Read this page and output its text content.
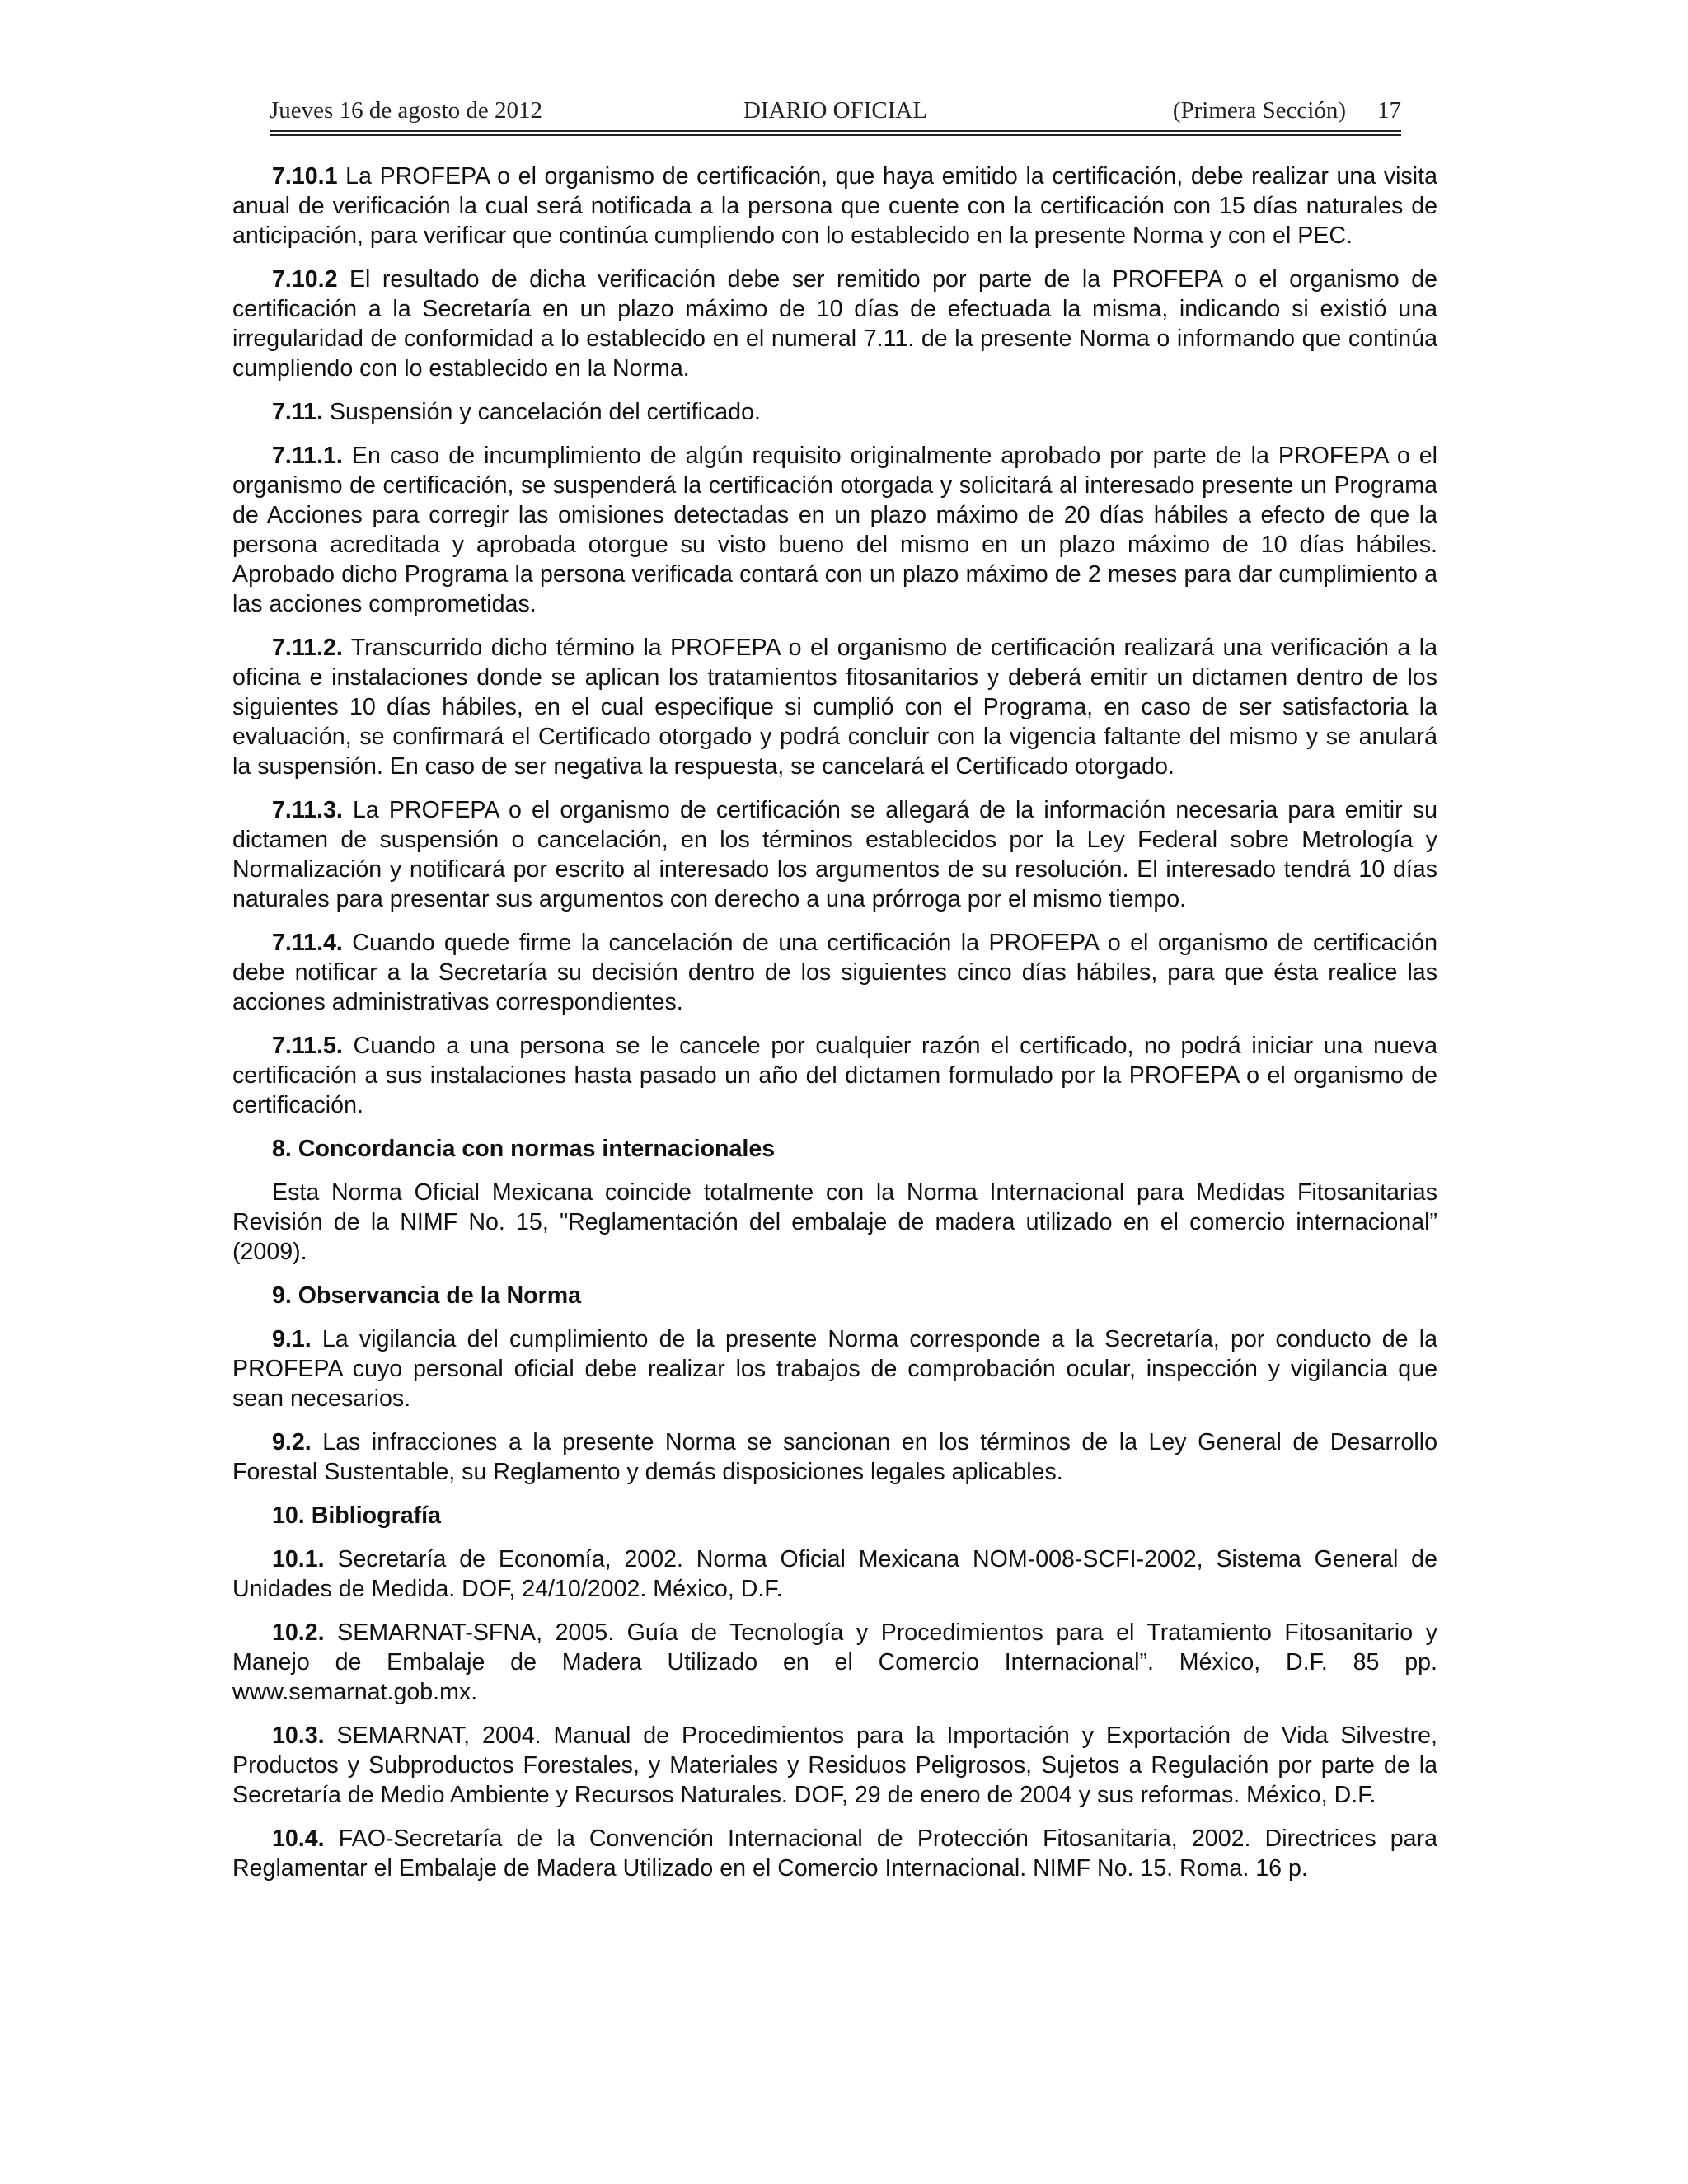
Jueves 16 de agosto de 2012	DIARIO OFICIAL	(Primera Sección) 17

7.10.1 La PROFEPA o el organismo de certificación, que haya emitido la certificación, debe realizar una visita anual de verificación la cual será notificada a la persona que cuente con la certificación con 15 días naturales de anticipación, para verificar que continúa cumpliendo con lo establecido en la presente Norma y con el PEC.

7.10.2 El resultado de dicha verificación debe ser remitido por parte de la PROFEPA o el organismo de certificación a la Secretaría en un plazo máximo de 10 días de efectuada la misma, indicando si existió una irregularidad de conformidad a lo establecido en el numeral 7.11. de la presente Norma o informando que continúa cumpliendo con lo establecido en la Norma.

7.11. Suspensión y cancelación del certificado.

7.11.1. En caso de incumplimiento de algún requisito originalmente aprobado por parte de la PROFEPA o el organismo de certificación, se suspenderá la certificación otorgada y solicitará al interesado presente un Programa de Acciones para corregir las omisiones detectadas en un plazo máximo de 20 días hábiles a efecto de que la persona acreditada y aprobada otorgue su visto bueno del mismo en un plazo máximo de 10 días hábiles. Aprobado dicho Programa la persona verificada contará con un plazo máximo de 2 meses para dar cumplimiento a las acciones comprometidas.

7.11.2. Transcurrido dicho término la PROFEPA o el organismo de certificación realizará una verificación a la oficina e instalaciones donde se aplican los tratamientos fitosanitarios y deberá emitir un dictamen dentro de los siguientes 10 días hábiles, en el cual especifique si cumplió con el Programa, en caso de ser satisfactoria la evaluación, se confirmará el Certificado otorgado y podrá concluir con la vigencia faltante del mismo y se anulará la suspensión. En caso de ser negativa la respuesta, se cancelará el Certificado otorgado.

7.11.3. La PROFEPA o el organismo de certificación se allegará de la información necesaria para emitir su dictamen de suspensión o cancelación, en los términos establecidos por la Ley Federal sobre Metrología y Normalización y notificará por escrito al interesado los argumentos de su resolución. El interesado tendrá 10 días naturales para presentar sus argumentos con derecho a una prórroga por el mismo tiempo.

7.11.4. Cuando quede firme la cancelación de una certificación la PROFEPA o el organismo de certificación debe notificar a la Secretaría su decisión dentro de los siguientes cinco días hábiles, para que ésta realice las acciones administrativas correspondientes.

7.11.5. Cuando a una persona se le cancele por cualquier razón el certificado, no podrá iniciar una nueva certificación a sus instalaciones hasta pasado un año del dictamen formulado por la PROFEPA o el organismo de certificación.

8. Concordancia con normas internacionales

Esta Norma Oficial Mexicana coincide totalmente con la Norma Internacional para Medidas Fitosanitarias Revisión de la NIMF No. 15, "Reglamentación del embalaje de madera utilizado en el comercio internacional” (2009).

9. Observancia de la Norma

9.1. La vigilancia del cumplimiento de la presente Norma corresponde a la Secretaría, por conducto de la PROFEPA cuyo personal oficial debe realizar los trabajos de comprobación ocular, inspección y vigilancia que sean necesarios.

9.2. Las infracciones a la presente Norma se sancionan en los términos de la Ley General de Desarrollo Forestal Sustentable, su Reglamento y demás disposiciones legales aplicables.

10. Bibliografía

10.1. Secretaría de Economía, 2002. Norma Oficial Mexicana NOM-008-SCFI-2002, Sistema General de Unidades de Medida. DOF, 24/10/2002. México, D.F.

10.2. SEMARNAT-SFNA, 2005. Guía de Tecnología y Procedimientos para el Tratamiento Fitosanitario y Manejo de Embalaje de Madera Utilizado en el Comercio Internacional”. México, D.F. 85 pp. www.semarnat.gob.mx.

10.3. SEMARNAT, 2004. Manual de Procedimientos para la Importación y Exportación de Vida Silvestre, Productos y Subproductos Forestales, y Materiales y Residuos Peligrosos, Sujetos a Regulación por parte de la Secretaría de Medio Ambiente y Recursos Naturales. DOF, 29 de enero de 2004 y sus reformas. México, D.F.

10.4. FAO-Secretaría de la Convención Internacional de Protección Fitosanitaria, 2002. Directrices para Reglamentar el Embalaje de Madera Utilizado en el Comercio Internacional. NIMF No. 15. Roma. 16 p.
